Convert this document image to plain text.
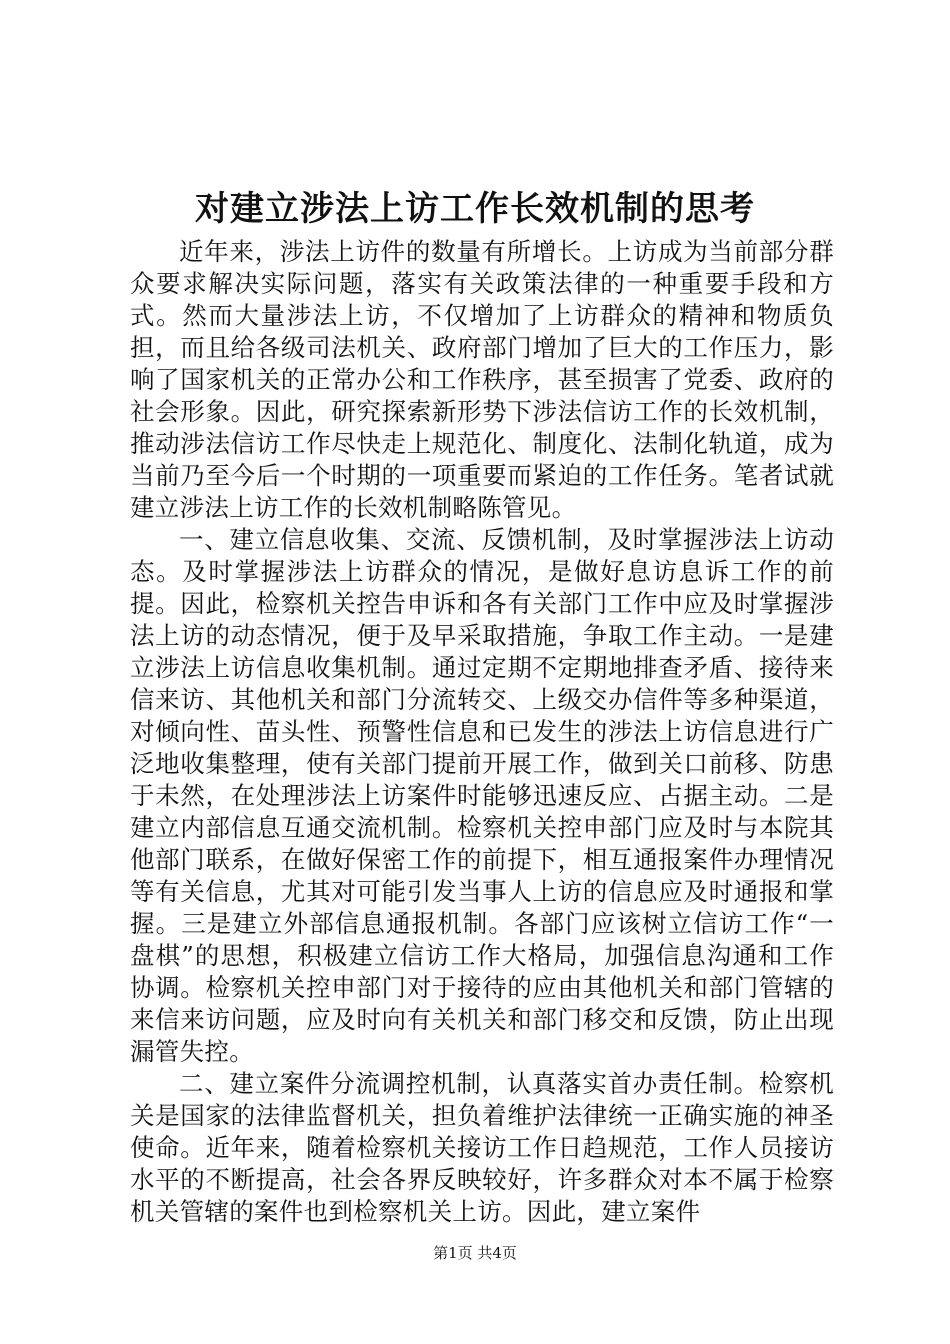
对建立涉法上访工作长效机制的思考

近年来，涉法上访件的数量有所增长。上访成为当前部分群众要求解决实际问题，落实有关政策法律的一种重要手段和方式。然而大量涉法上访，不仅增加了上访群众的精神和物质负担，而且给各级司法机关、政府部门增加了巨大的工作压力，影响了国家机关的正常办公和工作秩序，甚至损害了党委、政府的社会形象。因此，研究探索新形势下涉法信访工作的长效机制，推动涉法信访工作尽快走上规范化、制度化、法制化轨道，成为当前乃至今后一个时期的一项重要而紧迫的工作任务。笔者试就建立涉法上访工作的长效机制略陈管见。

一、建立信息收集、交流、反馈机制，及时掌握涉法上访动态。及时掌握涉法上访群众的情况，是做好息访息诉工作的前提。因此，检察机关控告申诉和各有关部门工作中应及时掌握涉法上访的动态情况，便于及早采取措施，争取工作主动。一是建立涉法上访信息收集机制。通过定期不定期地排查矛盾、接待来信来访、其他机关和部门分流转交、上级交办信件等多种渠道，对倾向性、苗头性、预警性信息和已发生的涉法上访信息进行广泛地收集整理，使有关部门提前开展工作，做到关口前移、防患于未然，在处理涉法上访案件时能够迅速反应、占据主动。二是建立内部信息互通交流机制。检察机关控申部门应及时与本院其他部门联系，在做好保密工作的前提下，相互通报案件办理情况等有关信息，尤其对可能引发当事人上访的信息应及时通报和掌握。三是建立外部信息通报机制。各部门应该树立信访工作“一盘棋”的思想，积极建立信访工作大格局，加强信息沟通和工作协调。检察机关控申部门对于接待的应由其他机关和部门管辖的来信来访问题，应及时向有关机关和部门移交和反馈，防止出现漏管失控。

二、建立案件分流调控机制，认真落实首办责任制。检察机关是国家的法律监督机关，担负着维护法律统一正确实施的神圣使命。近年来，随着检察机关接访工作日趋规范，工作人员接访水平的不断提高，社会各界反映较好，许多群众对本不属于检察机关管辖的案件也到检察机关上访。因此，建立案件

第1页 共4页
